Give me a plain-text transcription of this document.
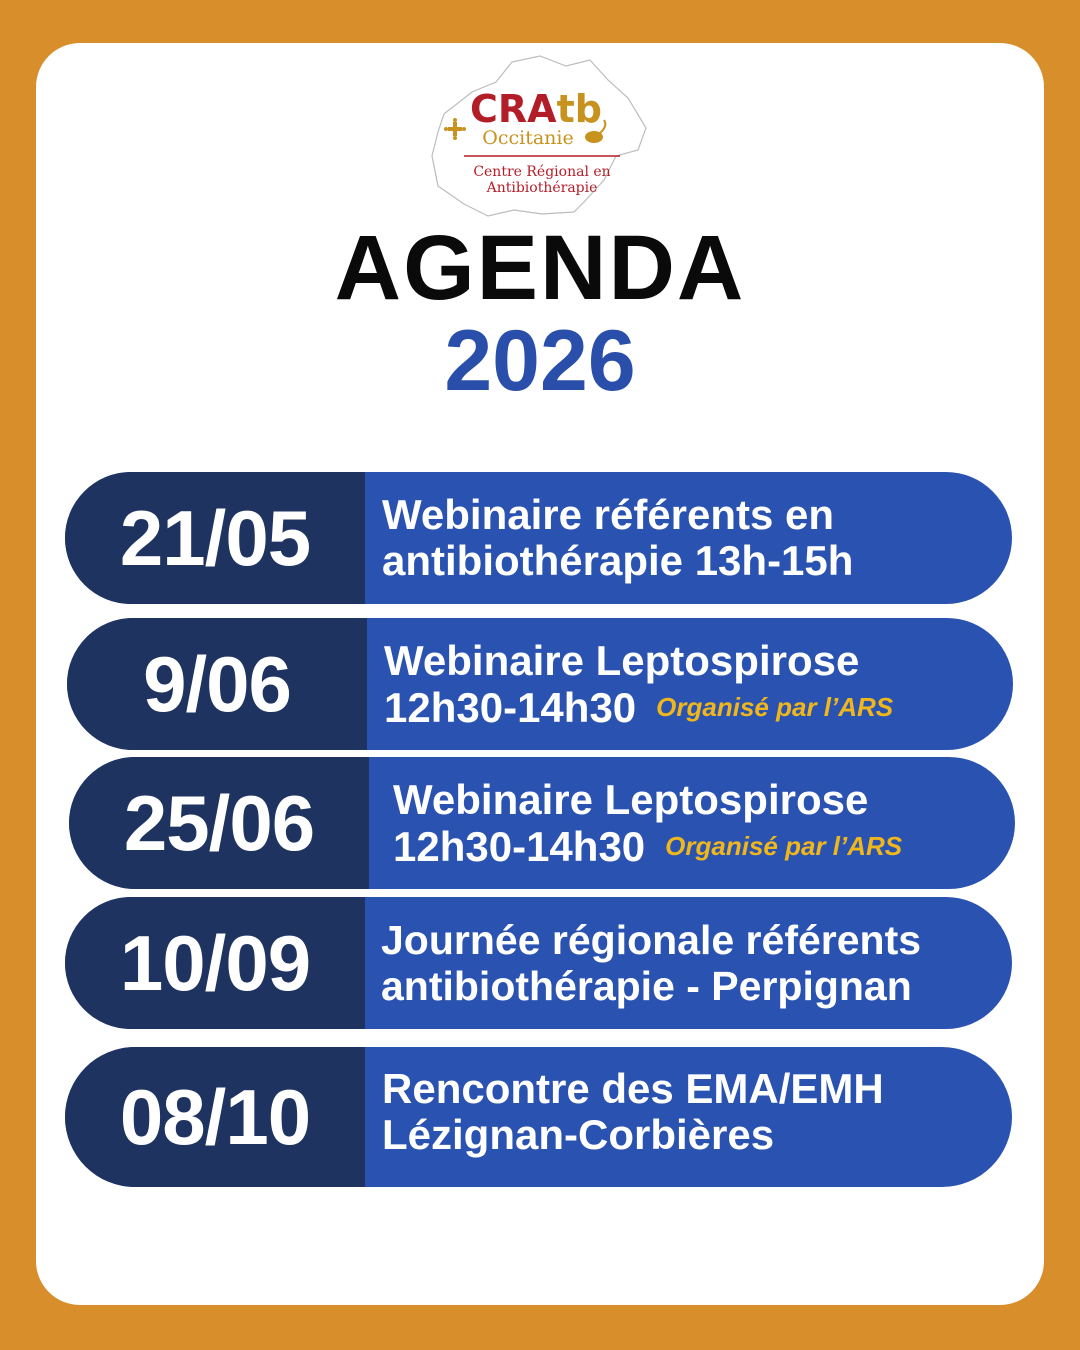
CRAtb
Occitanie
Centre Régional en
Antibiothérapie
AGENDA
2026
21/05	Webinaire référents en
antibiothérapie 13h-15h
9/06	Webinaire Leptospirose
12h30-14h30 Organisé par l’ARS
25/06	Webinaire Leptospirose
12h30-14h30 Organisé par l’ARS
10/09	Journée régionale référents
antibiothérapie - Perpignan
08/10	Rencontre des EMA/EMH
Lézignan-Corbières
